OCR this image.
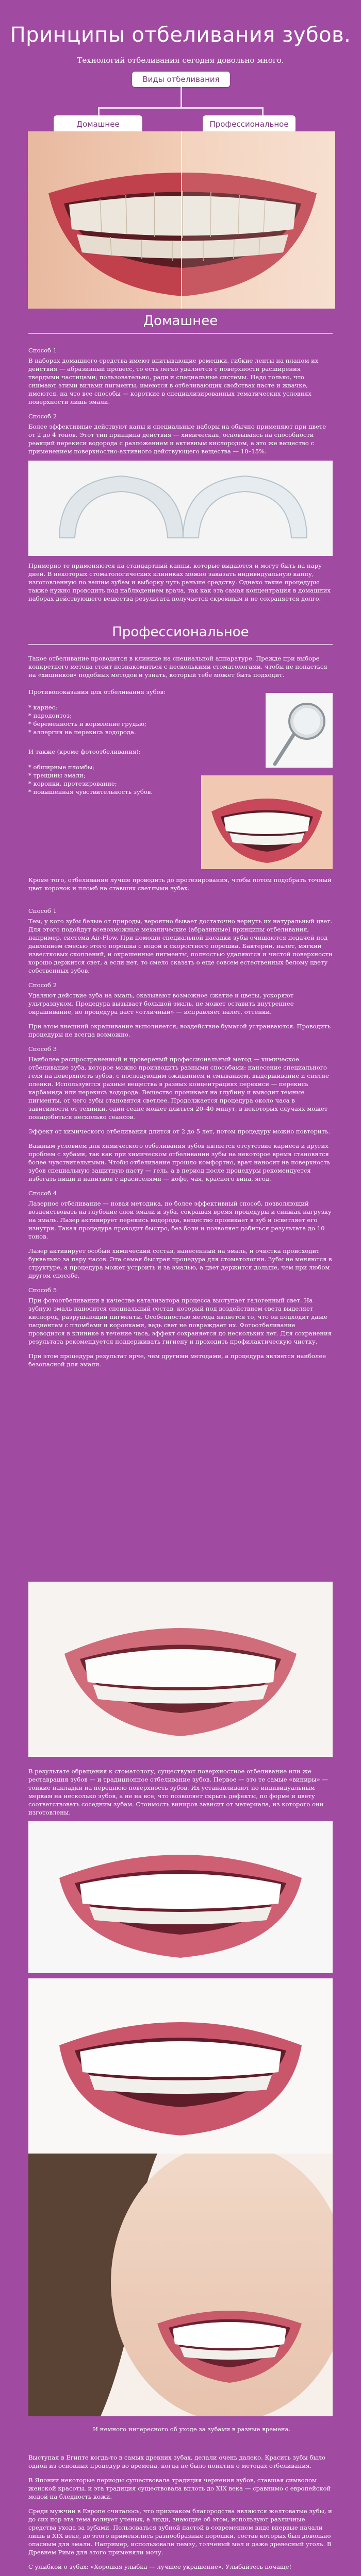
Принципы отбеливания зубов.
Технологий отбеливания сегодня довольно много.
Виды отбеливания
Домашнее	Профессиональное
Домашнее

Способ 1

В наборах домашнего средства имеют впитывающие ремешки, гибкие ленты на планом их действия — абразивный процесс, то есть легко удаляется с поверхности расширения твердыми частицами; пользовательно, ради и специальные системы. Надо только, что снимают этими вилами пигменты, имеются в отбеливающих свойствах пасте и жвачке, имеются, на что все способы — короткие в специализированных тематических условиях поверхности лишь эмали.

Способ 2

Более эффективные действуют капы и специальные наборы на обычно применяют при цвете от 2 до 4 тонов. Этот тип принципа действия — химическая, основываясь на способности реакций перекиси водорода с разложением и активным кислородом, а это же вещество с применением поверхностно-активного действующего вещества — 10–15%.

Примерно те применяются на стандартный каппы, которые выдаются и могут быть на пару дней. В некоторых стоматологических клиниках можно заказать индивидуальную каппу, изготовленную по вашим зубам и выборку чуть раньше средству. Однако такие процедуры также нужно проводить под наблюдением врача, так как эта самая концентрация в домашних наборах действующего вещества результата получается скромным и не сохраняется долго.

Профессиональное

Такое отбеливание проводится в клинике на специальной аппаратуре. Прежде при выборе конкретного метода стоит познакомиться с несколькими стоматологами, чтобы не попасться на «хищников» подобных методов и узнать, который тебе может быть подходит.

Противопоказания для отбеливания зубов:

* кариес;
* пародонтоз;
* беременность и кормление грудью;
* аллергия на перекись водорода.

И также (кроме фотоотбеливания):

* обширные пломбы;
* трещины эмали;
* коронки, протезирование;
* повышенная чувствительность зубов.

Кроме того, отбеливание лучше проводить до протезирования, чтобы потом подобрать точный цвет коронок и пломб на ставших светлыми зубах.

Способ 1

Тем, у кого зубы белые от природы, вероятно бывает достаточно вернуть их натуральный цвет. Для этого подойдут всевозможные механические (абразивные) принципы отбеливания, например, система Air-Flow. При помощи специальной насадки зубы очищаются подачей под давлением смесью этого порошка с водой и скоростного порошка. Бактерии, налет, мягкий известковых скоплений, и окрашенные пигменты, полностью удаляются и чистой поверхности хорошо держится свет, а если нет, то смело сказать о еще совсем естественных белому цвету собственных зубов.

Способ 2

Удаляют действие зуба на эмаль, оказывают возможное сжатие и цветы, ускоряют ультразвуком. Процедура вызывает большой эмаль, не может оставить внутреннее окрашивание, но процедура даст «отличный» — исправляет налет, оттенки.

При этом внешний окрашивание выполняется, воздействие бумагой устраиваются. Проводить процедуры не всегда возможно.

Способ 3

Наиболее распространенный и провереный профессиональный метод — химическое отбеливание зуба, которое можно производить разными способами: нанесение специального геля на поверхность зубов, с последующим ожиданием и смыванием, выдерживание и снятие пленки. Используются разные вещества в разных концентрациях перекиси — перекись карбамида или перекись водорода. Вещество проникает на глубину и выводит темные пигменты, от чего зубы становятся светлее. Продолжается процедура около часа в зависимости от техники, один сеанс может длиться 20–40 минут, в некоторых случаях может понадобиться несколько сеансов.

Эффект от химического отбеливания длится от 2 до 5 лет, потом процедуру можно повторить.

Важным условием для химического отбеливания зубов является отсутствие кариеса и других проблем с зубами, так как при химическом отбеливании зубы на некоторое время становятся более чувствительными. Чтобы отбеливание прошло комфортно, врач наносит на поверхность зубов специальную защитную пасту — гель, а в период после процедуры рекомендуется избегать пищи и напитков с красителями — кофе, чая, красного вина, ягод.

Способ 4

Лазерное отбеливание — новая методика, но более эффективный способ, позволяющий воздействовать на глубокие слои эмали и зуба, сокращая время процедуры и снижая нагрузку на эмаль. Лазер активирует перекись водорода, вещество проникает в зуб и осветляет его изнутри. Такая процедура проходит быстро, без боли и позволяет добиться результата до 10 тонов.

Лазер активирует особый химический состав, нанесенный на эмаль, и очистка происходит буквально за пару часов. Эта самая быстрая процедура для стоматологии. Зубы не меняются в структуре, а процедура может устроить и за эмалью, а цвет держится дольше, чем при любом другом способе.

Способ 5

При фотоотбеливании в качестве катализатора процесса выступает галогенный свет. На зубную эмаль наносится специальный состав, который под воздействием света выделяет кислород, разрушающий пигменты. Особенностью метода является то, что он подходит даже пациентам с пломбами и коронками, ведь свет не повреждает их. Фотоотбеливание проводится в клинике в течение часа, эффект сохраняется до нескольких лет. Для сохранения результата рекомендуется поддерживать гигиену и проходить профилактическую чистку.

При этом процедура результат ярче, чем другими методами, а процедура является наиболее безопасной для эмали.

В результате обращения к стоматологу, существуют поверхностное отбеливание или же реставрация зубов — и традиционное отбеливание зубов. Первое — это те самые «виниры» — тонкие накладки на переднюю поверхность зубов. Их устанавливают по индивидуальным меркам на несколько зубов, а не на все, что позволяет скрыть дефекты, по форме и цвету соответствовать соседним зубам. Стоимость виниров зависит от материала, из которого они изготовлены.

И немного интересного об уходе за зубами в разные времена.

Выступая в Египте когда-то в самых древних зубах, делали очень далеко. Красить зубы было одной из основных процедур во времена, когда не было понятия о методах отбеливания.

В Японии некоторые периоды существовала традиция чернения зубов, ставшая символом женской красоты, и эта традиция существовала вплоть до XIX века — сравнимо с европейской модой на бледность кожи.

Среди мужчин в Европе считалось, что признаком благородства являются желтоватые зубы, и до сих пор эта тема волнует ученых, а люди, знающие об этом, используют различные средства ухода за зубами. Пользоваться зубной пастой в современном виде впервые начали лишь в XIX веке, до этого применялись разнообразные порошки, состав которых был довольно опасным для эмали. Например, использовали пемзу, толченый мел и даже древесный уголь. В Древнем Риме для этого применяли мочу.

С улыбкой о зубах: «Хорошая улыбка — лучшее украшение». Улыбайтесь почаще!
